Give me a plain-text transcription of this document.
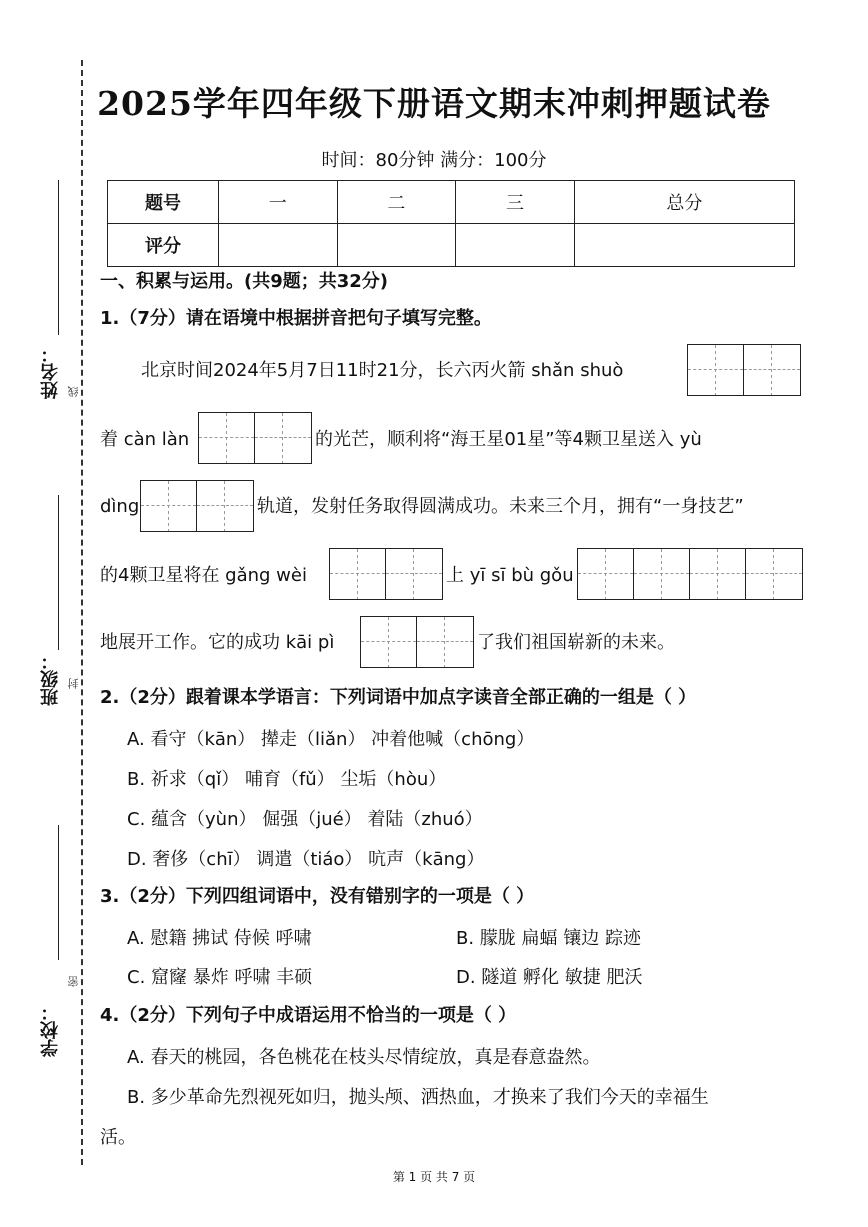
姓名：
班级：
学校：
线
封
密
2025学年四年级下册语文期末冲刺押题试卷
时间：80分钟 满分：100分
题号	一	二	三	总分
评分				
一、积累与运用。(共9题；共32分)
1.（7分）请在语境中根据拼音把句子填写完整。
北京时间2024年5月7日11时21分，长六丙火箭 shǎn shuò
着 càn làn	的光芒，顺利将“海王星01星”等4颗卫星送入 yù
dìng	轨道，发射任务取得圆满成功。未来三个月，拥有“一身技艺”
的4颗卫星将在 gǎng wèi	上 yī sī bù gǒu
地展开工作。它的成功 kāi pì	了我们祖国崭新的未来。
2.（2分）跟着课本学语言：下列词语中加点字读音全部正确的一组是（ ）
A. 看守（kān） 撵走（liǎn） 冲着他喊（chōng）
B. 祈求（qǐ） 哺育（fǔ） 尘垢（hòu）
C. 蕴含（yùn） 倔强（jué） 着陆（zhuó）
D. 奢侈（chī） 调遣（tiáo） 吭声（kāng）
3.（2分）下列四组词语中，没有错别字的一项是（ ）
A. 慰籍 拂试 侍候 呼啸	B. 朦胧 扁蝠 镶边 踪迹
C. 窟窿 暴炸 呼啸 丰硕	D. 隧道 孵化 敏捷 肥沃
4.（2分）下列句子中成语运用不恰当的一项是（ ）
A. 春天的桃园，各色桃花在枝头尽情绽放，真是春意盎然。
B. 多少革命先烈视死如归，抛头颅、洒热血，才换来了我们今天的幸福生
活。
第 1 页 共 7 页
